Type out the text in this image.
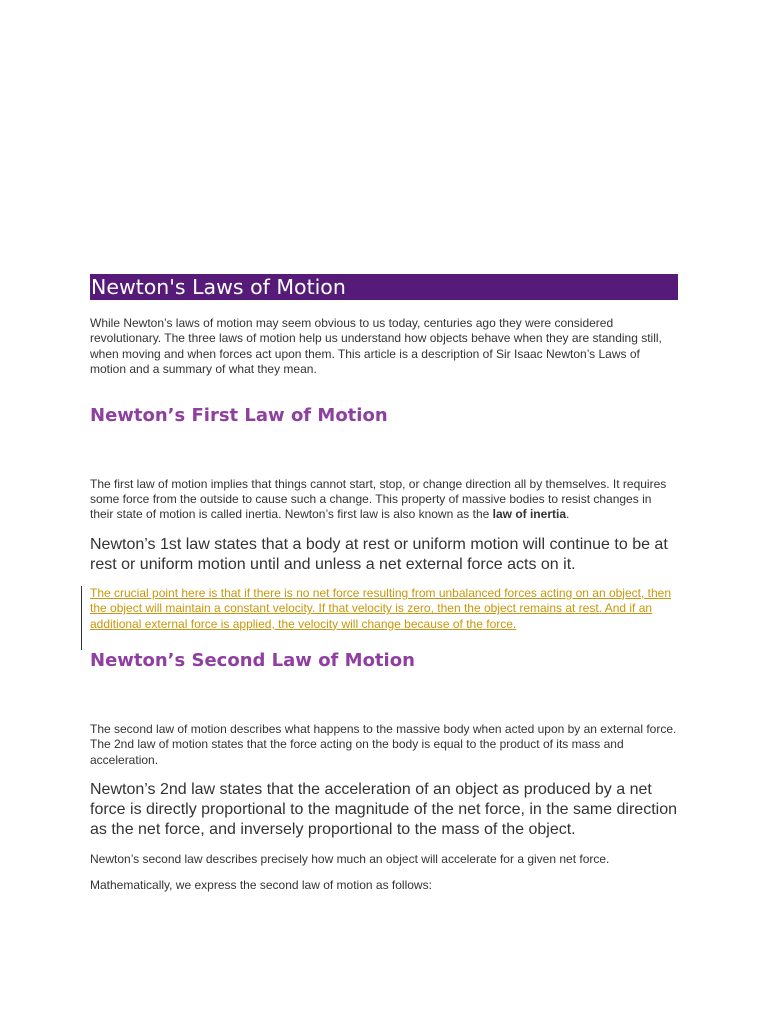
Newton's Laws of Motion

While Newton’s laws of motion may seem obvious to us today, centuries ago they were considered revolutionary. The three laws of motion help us understand how objects behave when they are standing still, when moving and when forces act upon them. This article is a description of Sir Isaac Newton’s Laws of motion and a summary of what they mean.

Newton’s First Law of Motion

The first law of motion implies that things cannot start, stop, or change direction all by themselves. It requires some force from the outside to cause such a change. This property of massive bodies to resist changes in their state of motion is called inertia. Newton’s first law is also known as the law of inertia.

Newton’s 1st law states that a body at rest or uniform motion will continue to be at rest or uniform motion until and unless a net external force acts on it.

The crucial point here is that if there is no net force resulting from unbalanced forces acting on an object, then the object will maintain a constant velocity. If that velocity is zero, then the object remains at rest. And if an additional external force is applied, the velocity will change because of the force.
Newton’s Second Law of Motion

The second law of motion describes what happens to the massive body when acted upon by an external force. The 2nd law of motion states that the force acting on the body is equal to the product of its mass and acceleration.

Newton’s 2nd law states that the acceleration of an object as produced by a net force is directly proportional to the magnitude of the net force, in the same direction as the net force, and inversely proportional to the mass of the object.

Newton’s second law describes precisely how much an object will accelerate for a given net force.

Mathematically, we express the second law of motion as follows:
